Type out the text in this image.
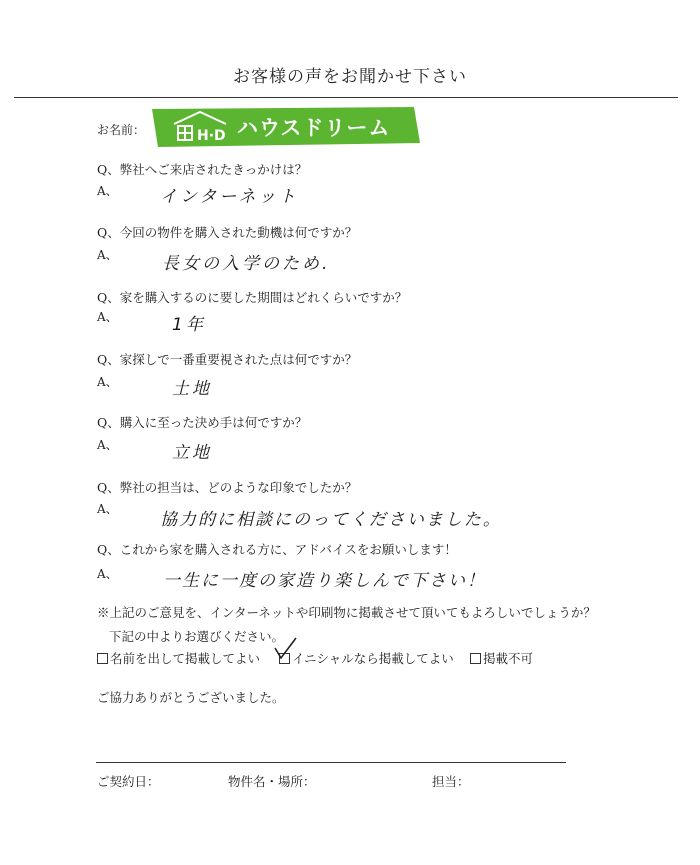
お客様の声をお聞かせ下さい
お名前：	H·D ハウスドリーム
Q、弊社へご来店されたきっかけは？
A、 インターネット
Q、今回の物件を購入された動機は何ですか？
A、	長女の入学のため.
Q、家を購入するのに要した期間はどれくらいですか？
A、	1年
Q、家探しで一番重要視された点は何ですか？
A、	土地
Q、購入に至った決め手は何ですか？
A、	立地
Q、弊社の担当は、どのような印象でしたか？
A、
協力的に相談にのってくださいました。
Q、これから家を購入される方に、アドバイスをお願いします！
A、	一生に一度の家造り楽しんで下さい！
※上記のご意見を、インターネットや印刷物に掲載させて頂いてもよろしいでしょうか？
下記の中よりお選びください。
名前を出して掲載してよい	イニシャルなら掲載してよい	掲載不可
ご協力ありがとうございました。
ご契約日：	物件名・場所：	担当：
